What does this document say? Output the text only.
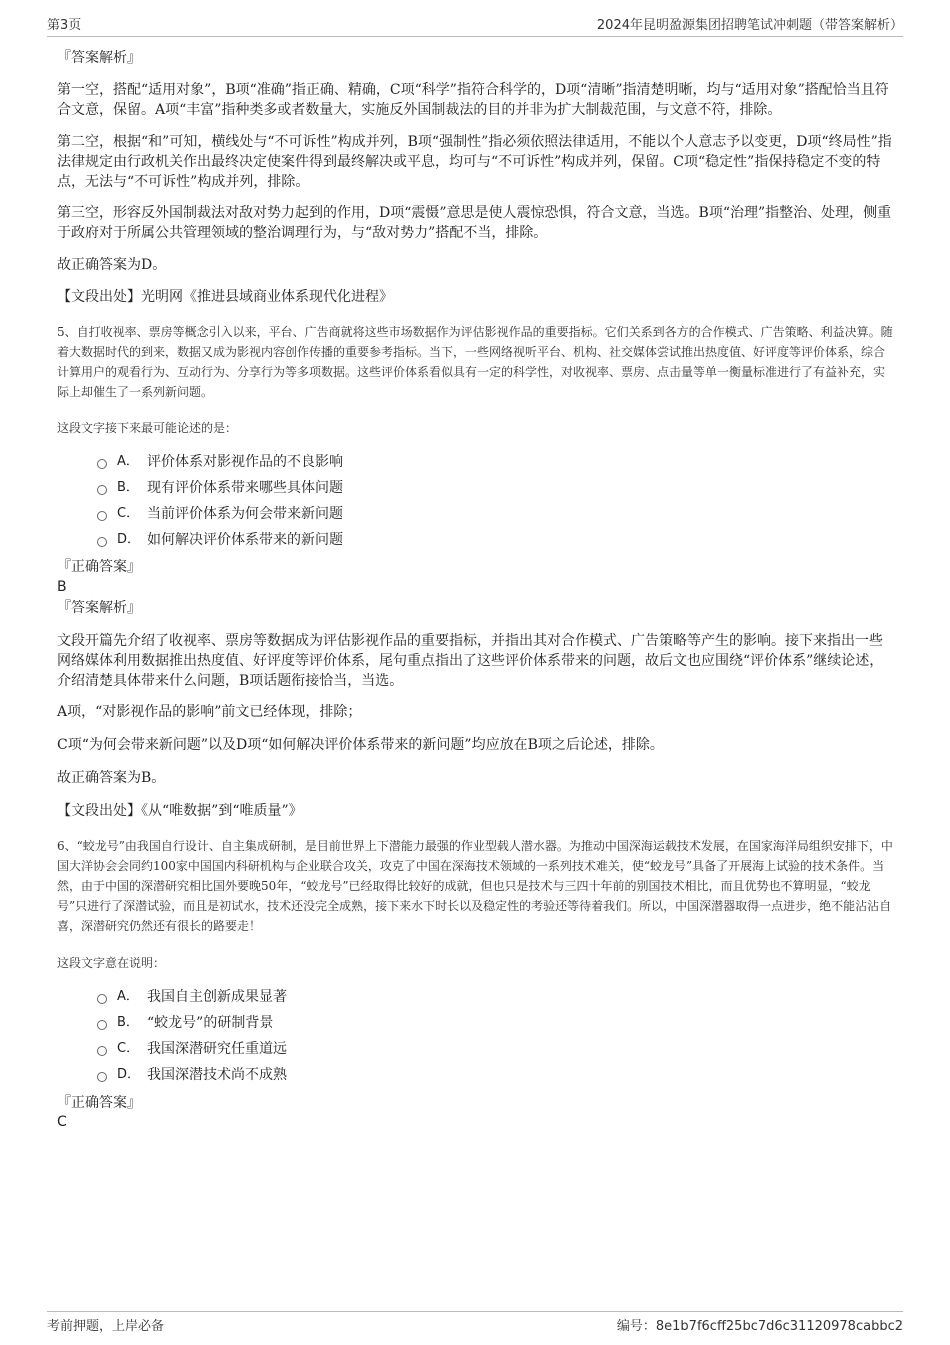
第3页	2024年昆明盈源集团招聘笔试冲刺题（带答案解析）
『答案解析』
第一空，搭配“适用对象”，B项“准确”指正确、精确，C项“科学”指符合科学的，D项“清晰”指清楚明晰，均与“适用对象”搭配恰当且符合文意，保留。A项“丰富”指种类多或者数量大，实施反外国制裁法的目的并非为扩大制裁范围，与文意不符，排除。
第二空，根据“和”可知，横线处与“不可诉性”构成并列，B项“强制性”指必须依照法律适用，不能以个人意志予以变更，D项“终局性”指法律规定由行政机关作出最终决定使案件得到最终解决或平息，均可与“不可诉性”构成并列，保留。C项“稳定性”指保持稳定不变的特点，无法与“不可诉性”构成并列，排除。
第三空，形容反外国制裁法对敌对势力起到的作用，D项“震慑”意思是使人震惊恐惧，符合文意，当选。B项“治理”指整治、处理，侧重于政府对于所属公共管理领域的整治调理行为，与“敌对势力”搭配不当，排除。
故正确答案为D。
【文段出处】光明网《推进县域商业体系现代化进程》
5、自打收视率、票房等概念引入以来，平台、广告商就将这些市场数据作为评估影视作品的重要指标。它们关系到各方的合作模式、广告策略、利益决算。随着大数据时代的到来，数据又成为影视内容创作传播的重要参考指标。当下，一些网络视听平台、机构、社交媒体尝试推出热度值、好评度等评价体系，综合计算用户的观看行为、互动行为、分享行为等多项数据。这些评价体系看似具有一定的科学性，对收视率、票房、点击量等单一衡量标准进行了有益补充，实际上却催生了一系列新问题。
这段文字接下来最可能论述的是：
A． 评价体系对影视作品的不良影响
B． 现有评价体系带来哪些具体问题
C． 当前评价体系为何会带来新问题
D． 如何解决评价体系带来的新问题
『正确答案』
B
『答案解析』
文段开篇先介绍了收视率、票房等数据成为评估影视作品的重要指标，并指出其对合作模式、广告策略等产生的影响。接下来指出一些网络媒体利用数据推出热度值、好评度等评价体系，尾句重点指出了这些评价体系带来的问题，故后文也应围绕“评价体系”继续论述，介绍清楚具体带来什么问题，B项话题衔接恰当，当选。
A项，“对影视作品的影响”前文已经体现，排除；
C项“为何会带来新问题”以及D项“如何解决评价体系带来的新问题”均应放在B项之后论述，排除。
故正确答案为B。
【文段出处】《从“唯数据”到“唯质量”》
6、“蛟龙号”由我国自行设计、自主集成研制，是目前世界上下潜能力最强的作业型载人潜水器。为推动中国深海运载技术发展，在国家海洋局组织安排下，中国大洋协会会同约100家中国国内科研机构与企业联合攻关，攻克了中国在深海技术领域的一系列技术难关，使“蛟龙号”具备了开展海上试验的技术条件。当然，由于中国的深潜研究相比国外要晚50年，“蛟龙号”已经取得比较好的成就，但也只是技术与三四十年前的别国技术相比，而且优势也不算明显，“蛟龙号”只进行了深潜试验，而且是初试水，技术还没完全成熟，接下来水下时长以及稳定性的考验还等待着我们。所以，中国深潜器取得一点进步，绝不能沾沾自喜，深潜研究仍然还有很长的路要走！
这段文字意在说明：
A． 我国自主创新成果显著
B． “蛟龙号”的研制背景
C． 我国深潜研究任重道远
D． 我国深潜技术尚不成熟
『正确答案』
C
考前押题，上岸必备	编号：8e1b7f6cff25bc7d6c31120978cabbc2
